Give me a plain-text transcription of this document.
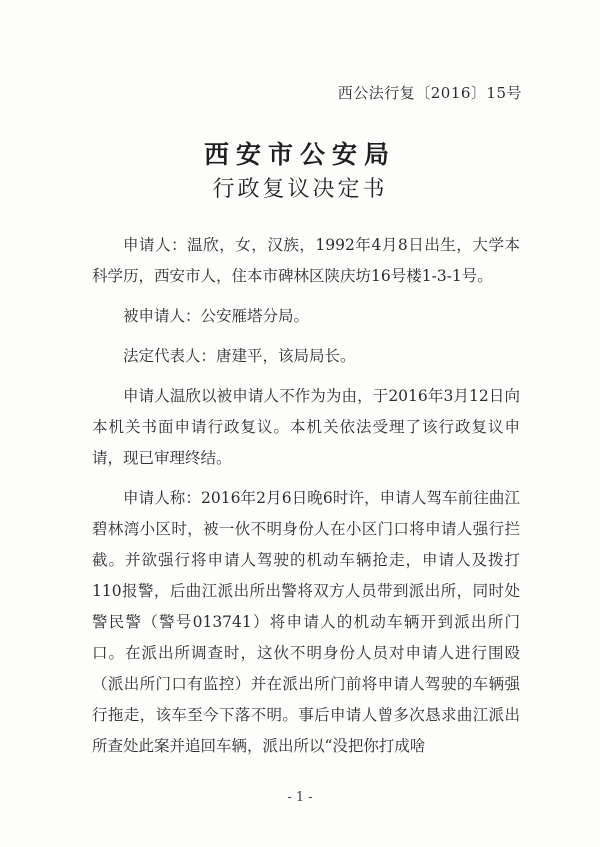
西公法行复〔2016〕15号
西安市公安局
行政复议决定书

申请人：温欣，女，汉族，1992年4月8日出生，大学本科学历，西安市人，住本市碑林区陕庆坊16号楼1-3-1号。

被申请人：公安雁塔分局。

法定代表人：唐建平，该局局长。

申请人温欣以被申请人不作为为由，于2016年3月12日向本机关书面申请行政复议。本机关依法受理了该行政复议申请，现已审理终结。

申请人称：2016年2月6日晚6时许，申请人驾车前往曲江碧林湾小区时，被一伙不明身份人在小区门口将申请人强行拦截。并欲强行将申请人驾驶的机动车辆抢走，申请人及拨打110报警，后曲江派出所出警将双方人员带到派出所，同时处警民警（警号013741）将申请人的机动车辆开到派出所门口。在派出所调查时，这伙不明身份人员对申请人进行围殴（派出所门口有监控）并在派出所门前将申请人驾驶的车辆强行拖走，该车至今下落不明。事后申请人曾多次恳求曲江派出所查处此案并追回车辆，派出所以“没把你打成啥

- 1 -
